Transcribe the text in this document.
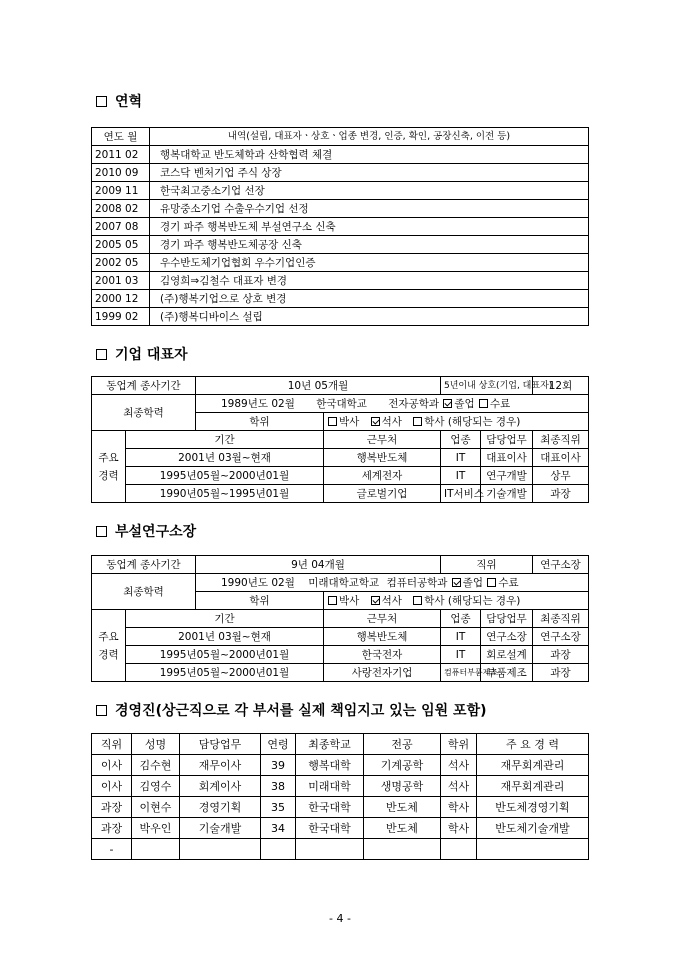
연혁
연도 월	내역(설립, 대표자ㆍ상호ㆍ업종 변경, 인증, 확인, 공장신축, 이전 등)
2011 02	행복대학교 반도체학과 산학협력 체결
2010 09	코스닥 벤처기업 주식 상장
2009 11	한국최고중소기업 선장
2008 02	유망중소기업 수출우수기업 선정
2007 08	경기 파주 행복반도체 부설연구소 신축
2005 05	경기 파주 행복반도체공장 신축
2002 05	우수반도체기업협회 우수기업인증
2001 03	김영희⇒김철수 대표자 변경
2000 12	(주)행복기업으로 상호 변경
1999 02	(주)행복디바이스 설립
기업 대표자
동업계 종사기간		10년 05개월		5년이내 상호(기업, 대표자)		12회
최종학력		1989년도 02월 한국대학교 전자공학과 졸업 수료				
		학위	박사 석사 학사 (해당되는 경우)			
주요 경력	기간		근무처	업종	담당업무	최종직위
	2001년 03월~현재		행복반도체	IT	대표이사	대표이사
	1995년05월~2000년01월		세계전자	IT	연구개발	상무
	1990년05월~1995년01월		글로벌기업	IT서비스	기술개발	과장
부설연구소장
동업계 종사기간		9년 04개월		직위		연구소장
최종학력		1990년도 02월 미래대학교학교 컴퓨터공학과 졸업 수료				
		학위	박사 석사 학사 (해당되는 경우)			
주요 경력	기간		근무처	업종	담당업무	최종직위
	2001년 03월~현재		행복반도체	IT	연구소장	연구소장
	1995년05월~2000년01월		한국전자	IT	회로설계	과장
	1995년05월~2000년01월		사랑전자기업	컴퓨터부품제조	부품제조	과장
경영진(상근직으로 각 부서를 실제 책임지고 있는 임원 포함)
직위	성명	담당업무	연령	최종학교	전공	학위	주 요 경 력
이사	김수현	재무이사	39	행복대학	기계공학	석사	재무회계관리
이사	김영수	회계이사	38	미래대학	생명공학	석사	재무회계관리
과장	이현수	경영기획	35	한국대학	반도체	학사	반도체경영기획
과장	박우인	기술개발	34	한국대학	반도체	학사	반도체기술개발
-							
- 4 -
